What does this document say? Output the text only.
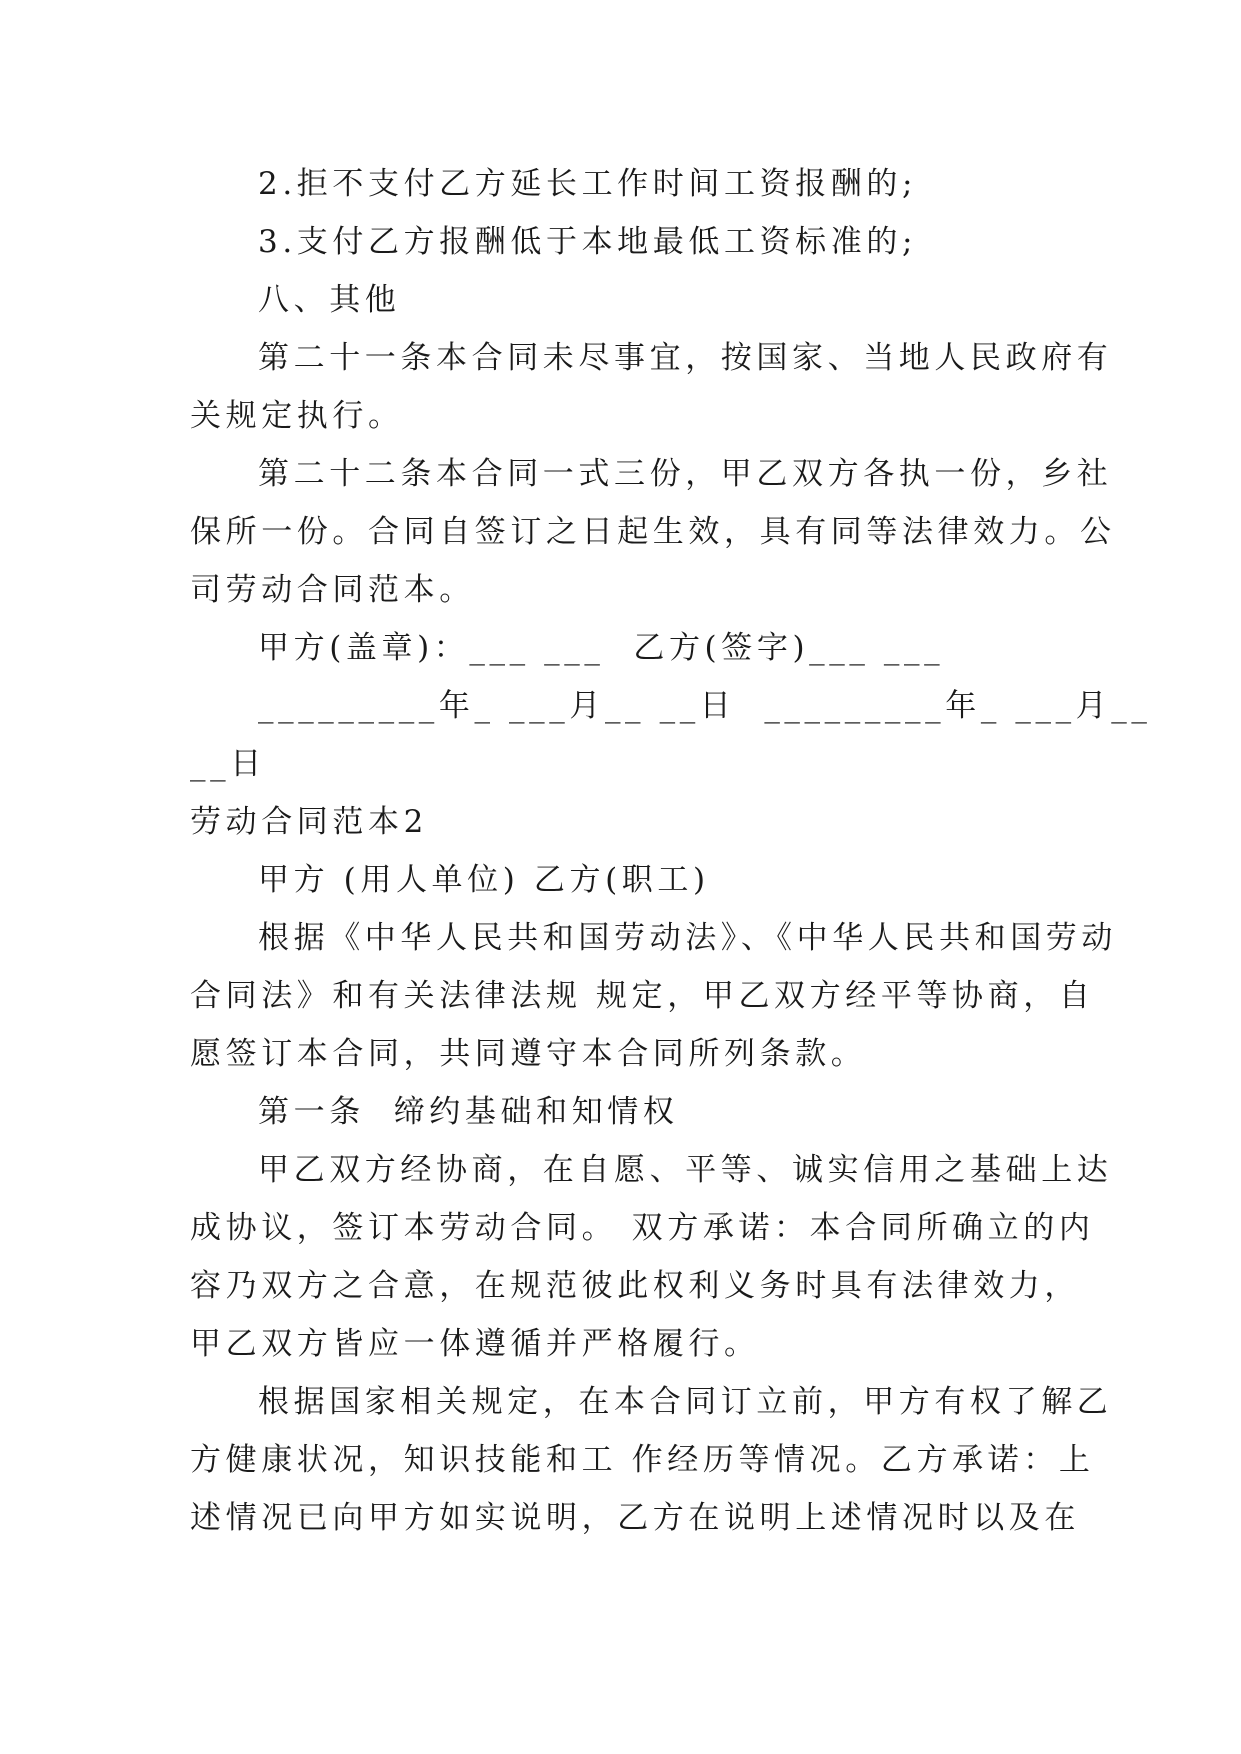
2.拒不支付乙方延长工作时间工资报酬的;
3.支付乙方报酬低于本地最低工资标准的;
八、其他
第二十一条本合同未尽事宜，按国家、当地人民政府有
关规定执行。
第二十二条本合同一式三份，甲乙双方各执一份，乡社
保所一份。合同自签订之日起生效，具有同等法律效力。公
司劳动合同范本。
甲方(盖章)：___ ___  乙方(签字)___ ___
_________年_ ___月__ __日  _________年_ ___月__
__日
劳动合同范本2
甲方 (用人单位) 乙方(职工)
根据《中华人民共和国劳动法》、《中华人民共和国劳动
合同法》和有关法律法规 规定，甲乙双方经平等协商，自
愿签订本合同，共同遵守本合同所列条款。
第一条  缔约基础和知情权
甲乙双方经协商，在自愿、平等、诚实信用之基础上达
成协议，签订本劳动合同。 双方承诺：本合同所确立的内
容乃双方之合意，在规范彼此权利义务时具有法律效力，
甲乙双方皆应一体遵循并严格履行。
根据国家相关规定，在本合同订立前，甲方有权了解乙
方健康状况，知识技能和工 作经历等情况。乙方承诺：上
述情况已向甲方如实说明，乙方在说明上述情况时以及在
